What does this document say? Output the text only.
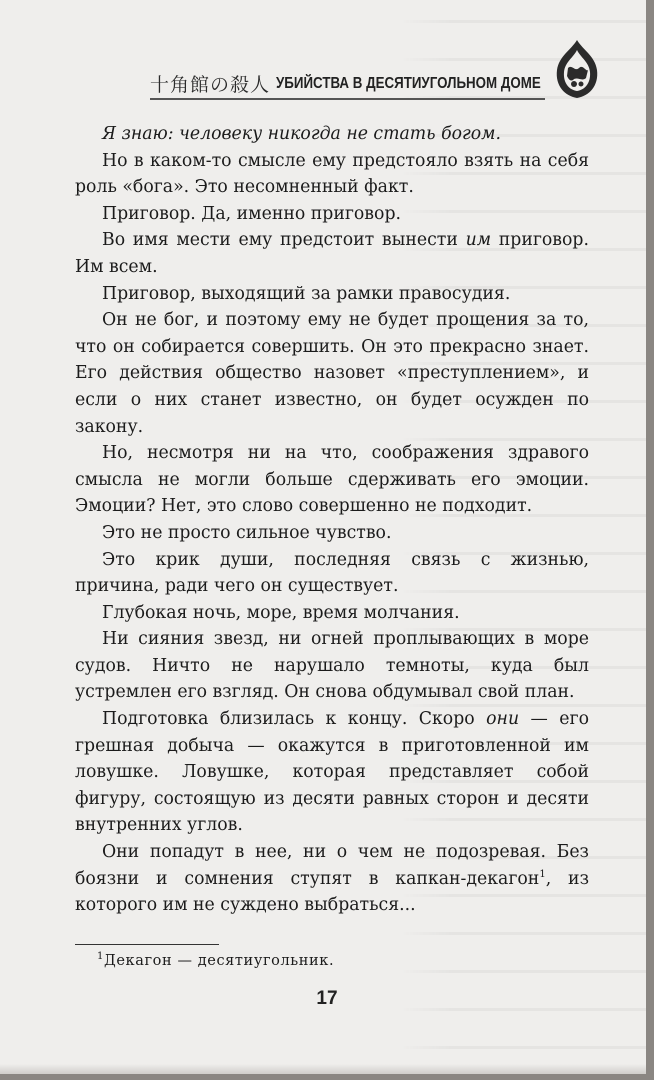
十角館の殺人 УБИЙСТВА В ДЕСЯТИУГОЛЬНОМ ДОМЕ

Я знаю: человеку никогда не стать богом.

Но в каком-то смысле ему предстояло взять на себя роль «бога». Это несомненный факт.

Приговор. Да, именно приговор.

Во имя мести ему предстоит вынести им приговор. Им всем.

Приговор, выходящий за рамки правосудия.

Он не бог, и поэтому ему не будет прощения за то, что он собирается совершить. Он это прекрасно знает. Его действия общество назовет «преступлением», и если о них станет известно, он будет осужден по закону.

Но, несмотря ни на что, соображения здравого смысла не могли больше сдерживать его эмоции. Эмоции? Нет, это слово совершенно не подходит.

Это не просто сильное чувство.

Это крик души, последняя связь с жизнью, причина, ради чего он существует.

Глубокая ночь, море, время молчания.

Ни сияния звезд, ни огней проплывающих в море судов. Ничто не нарушало темноты, куда был устремлен его взгляд. Он снова обдумывал свой план.

Подготовка близилась к концу. Скоро они — его грешная добыча — окажутся в приготовленной им ловушке. Ловушке, которая представляет собой фигуру, состоящую из десяти равных сторон и десяти внутренних углов.

Они попадут в нее, ни о чем не подозревая. Без боязни и сомнения ступят в капкан-декагон$^1$, из которого им не суждено выбраться...

$^1$Декагон — десятиугольник.
17
